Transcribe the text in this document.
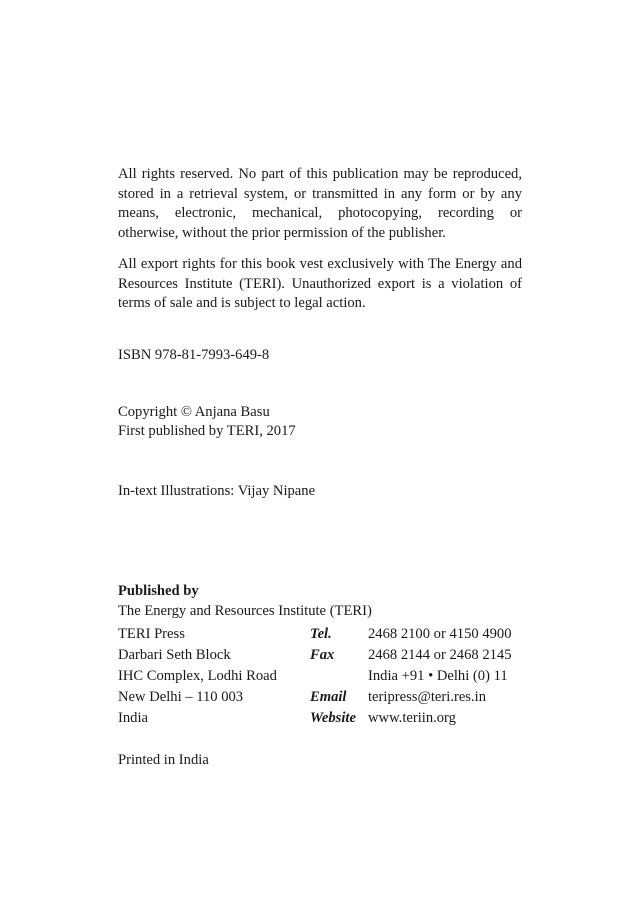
All rights reserved. No part of this publication may be reproduced, stored in a retrieval system, or transmitted in any form or by any means, electronic, mechanical, photocopying, recording or otherwise, without the prior permission of the publisher.

All export rights for this book vest exclusively with The Energy and Resources Institute (TERI). Unauthorized export is a violation of terms of sale and is subject to legal action.

ISBN 978-81-7993-649-8

Copyright © Anjana Basu

First published by TERI, 2017

In-text Illustrations: Vijay Nipane

Published by

The Energy and Resources Institute (TERI)

TERI Press
Darbari Seth Block
IHC Complex, Lodhi Road
New Delhi – 110 003
India
Tel.
Fax
Email
Website
2468 2100 or 4150 4900
2468 2144 or 2468 2145
India +91 • Delhi (0) 11
teripress@teri.res.in
www.teriin.org

Printed in India
